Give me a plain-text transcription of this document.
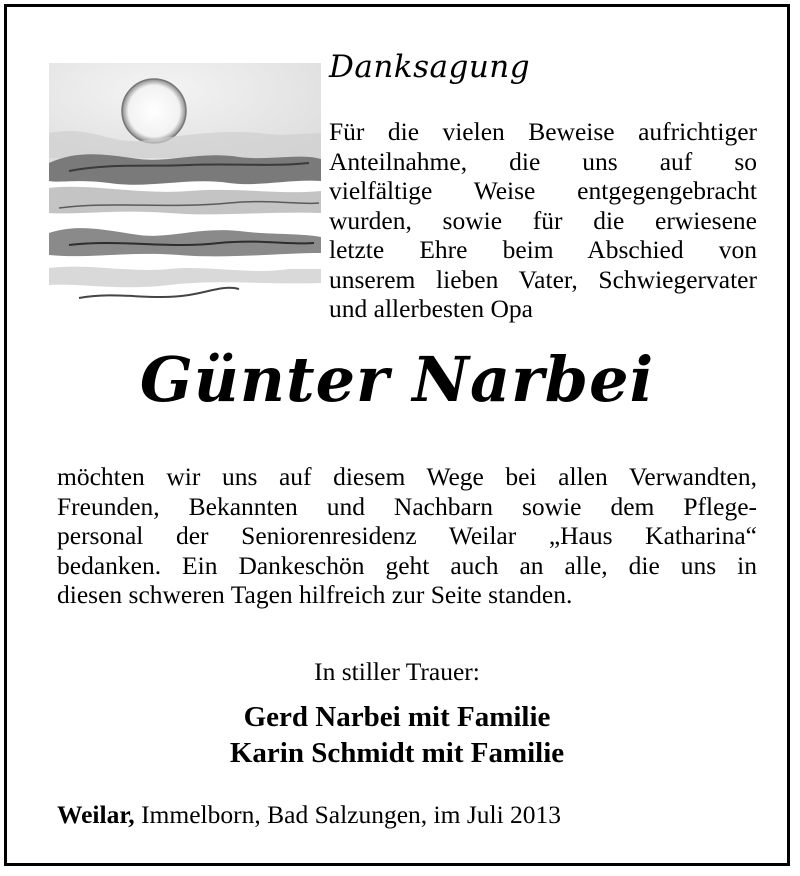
Danksagung
Für die vielen Beweise aufrichtiger
Anteilnahme, die uns auf so
vielfältige Weise entgegengebracht
wurden, sowie für die erwiesene
letzte Ehre beim Abschied von
unserem lieben Vater, Schwiegervater
und allerbesten Opa
Günter Narbei
möchten wir uns auf diesem Wege bei allen Verwandten,
Freunden, Bekannten und Nachbarn sowie dem Pflege-
personal der Seniorenresidenz Weilar „Haus Katharina“
bedanken. Ein Dankeschön geht auch an alle, die uns in
diesen schweren Tagen hilfreich zur Seite standen.
In stiller Trauer:
Gerd Narbei mit Familie
Karin Schmidt mit Familie
Weilar, Immelborn, Bad Salzungen, im Juli 2013
